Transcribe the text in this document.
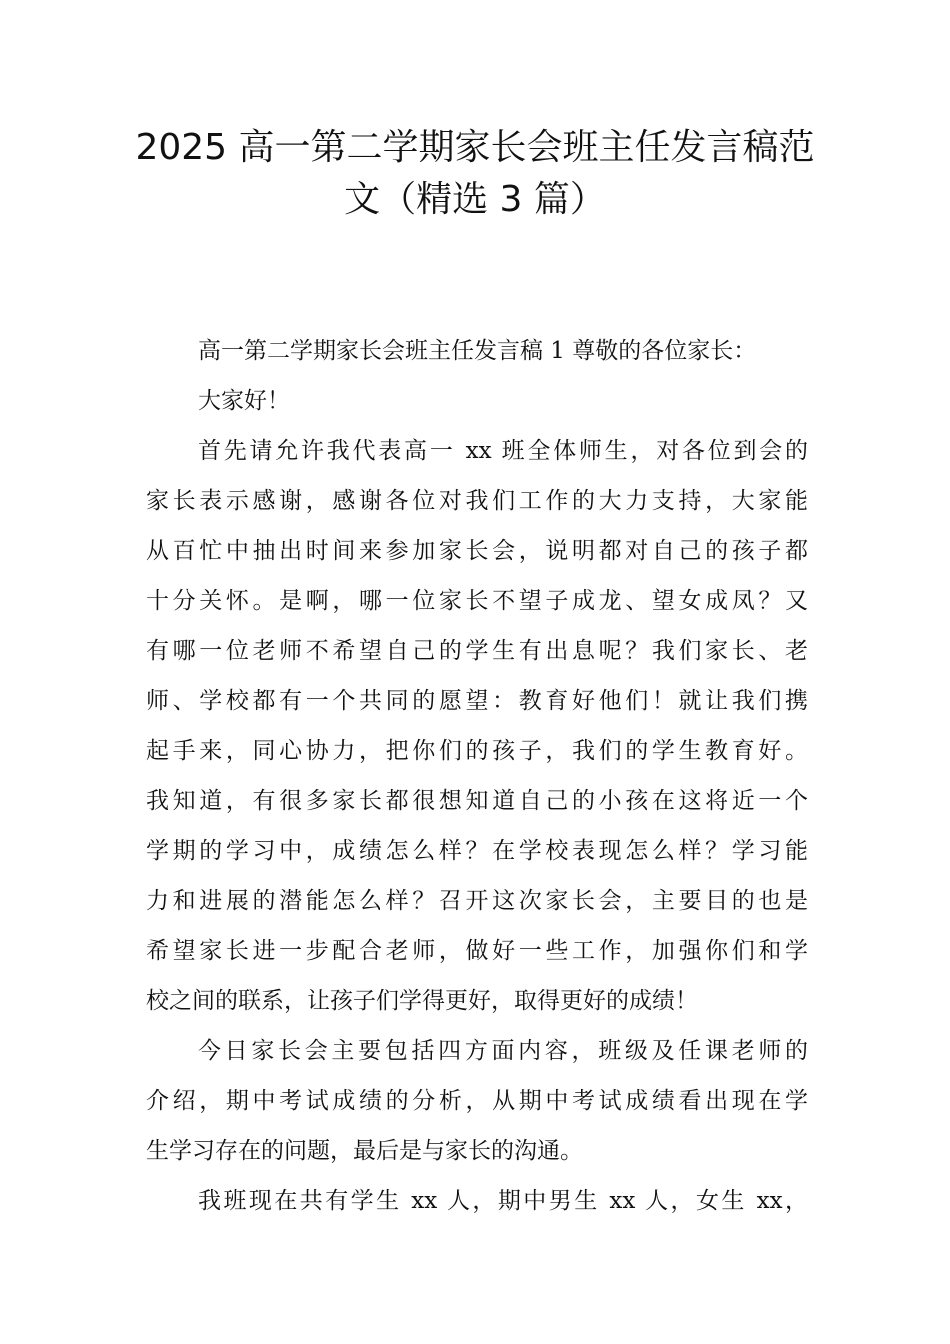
2025 高一第二学期家长会班主任发言稿范
文（精选 3 篇）
高一第二学期家长会班主任发言稿 1 尊敬的各位家长：
大家好！
首先请允许我代表高一 xx 班全体师生，对各位到会的
家长表示感谢，感谢各位对我们工作的大力支持，大家能
从百忙中抽出时间来参加家长会，说明都对自己的孩子都
十分关怀。是啊，哪一位家长不望子成龙、望女成凤？又
有哪一位老师不希望自己的学生有出息呢？我们家长、老
师、学校都有一个共同的愿望：教育好他们！就让我们携
起手来，同心协力，把你们的孩子，我们的学生教育好。
我知道，有很多家长都很想知道自己的小孩在这将近一个
学期的学习中，成绩怎么样？在学校表现怎么样？学习能
力和进展的潜能怎么样？召开这次家长会，主要目的也是
希望家长进一步配合老师，做好一些工作，加强你们和学
校之间的联系，让孩子们学得更好，取得更好的成绩！
今日家长会主要包括四方面内容，班级及任课老师的
介绍，期中考试成绩的分析，从期中考试成绩看出现在学
生学习存在的问题，最后是与家长的沟通。
我班现在共有学生 xx 人，期中男生 xx 人，女生 xx，
